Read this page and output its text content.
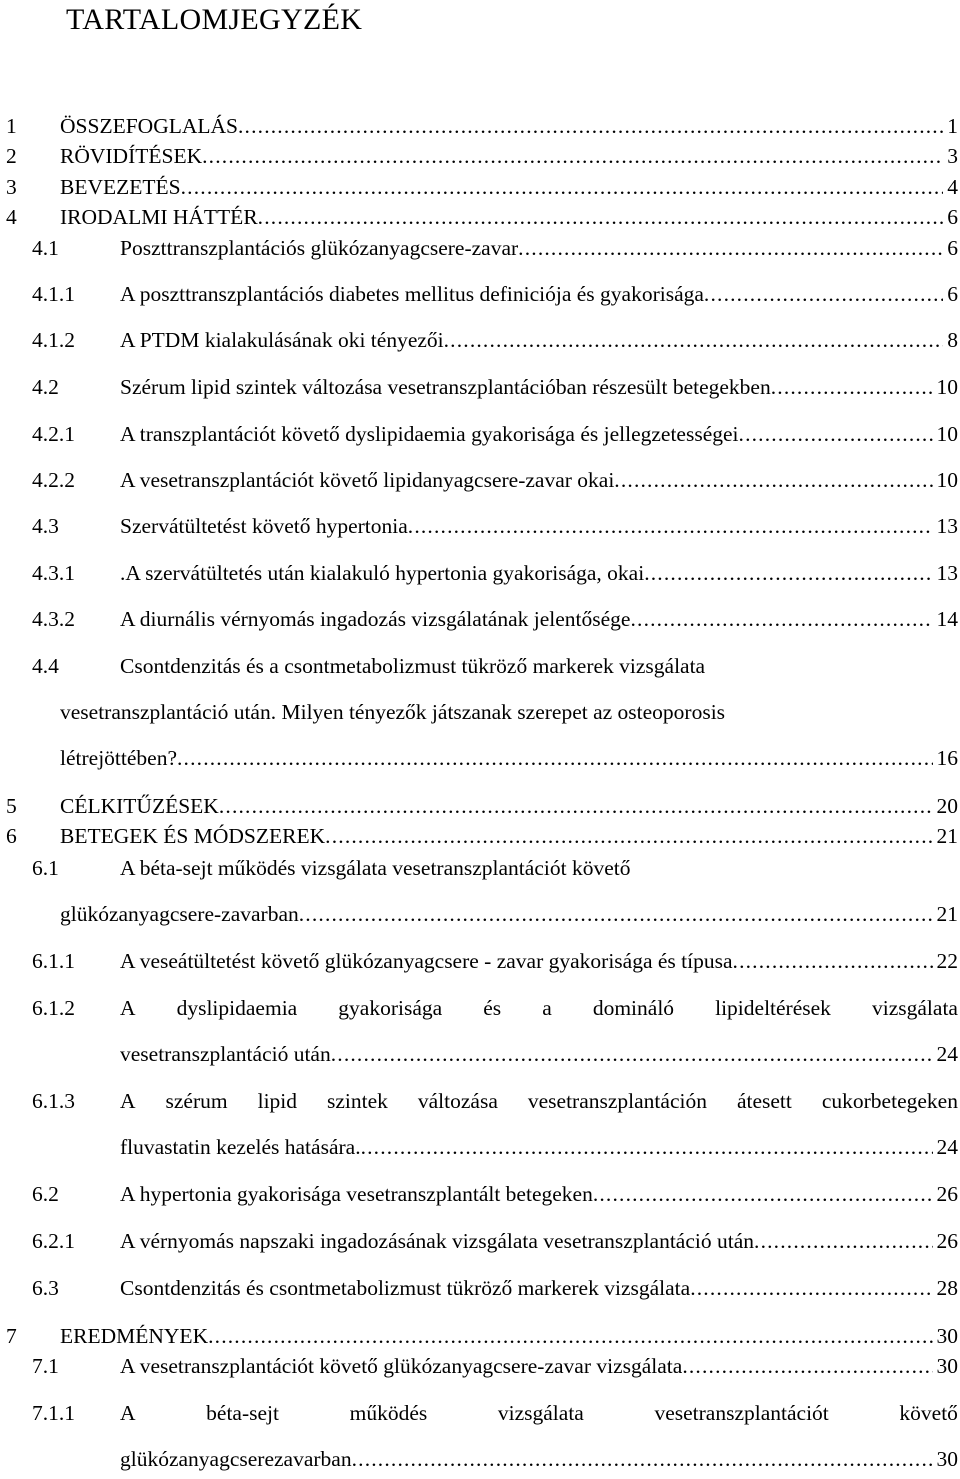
TARTALOMJEGYZÉK
1 ÖSSZEFOGLALÁS . . .	1
2 RÖVIDÍTÉSEK . . .	3
3 BEVEZETÉS . . .	4
4 IRODALMI HÁTTÉR . . .	6
4.1	Poszttranszplantációs glükózanyagcsere-zavar . . .	6
4.1.1 A poszttranszplantációs diabetes mellitus definiciója és gyakorisága . . .	6
4.1.2 A PTDM kialakulásának oki tényezői . . .	8
4.2	Szérum lipid szintek változása vesetranszplantációban részesült betegekben . . .	10
4.2.1 A transzplantációt követő dyslipidaemia gyakorisága és jellegzetességei . . .	10
4.2.2 A vesetranszplantációt követő lipidanyagcsere-zavar okai . . .	10
4.3	Szervátültetést követő hypertonia . . .	13
4.3.1 .A szervátültetés után kialakuló hypertonia gyakorisága, okai . . .	13
4.3.2 A diurnális vérnyomás ingadozás vizsgálatának jelentősége . . .	14
4.4	Csontdenzitás és a csontmetabolizmust tükröző markerek vizsgálata
vesetranszplantáció után. Milyen tényezők játszanak szerepet az osteoporosis
létrejöttében? . . .	16
5 CÉLKITŰZÉSEK . . .	20
6 BETEGEK ÉS MÓDSZEREK . . .	21
6.1	A béta-sejt működés vizsgálata vesetranszplantációt követő
glükózanyagcsere-zavarban . . .	21
6.1.1 A veseátültetést követő glükózanyagcsere - zavar gyakorisága és típusa . . .	22
6.1.2 A dyslipidaemia gyakorisága és a domináló lipideltérések vizsgálata
vesetranszplantáció után . . .	24
6.1.3 A szérum lipid szintek változása vesetranszplantáción átesett cukorbetegeken
fluvastatin kezelés hatására. . . .	24
6.2	A hypertonia gyakorisága vesetranszplantált betegeken . . .	26
6.2.1 A vérnyomás napszaki ingadozásának vizsgálata vesetranszplantáció után . . .	26
6.3	Csontdenzitás és csontmetabolizmust tükröző markerek vizsgálata . . .	28
7 EREDMÉNYEK . . .	30
7.1	A vesetranszplantációt követő glükózanyagcsere-zavar vizsgálata . . .	30
7.1.1 A	béta-sejt	működés	vizsgálata	vesetranszplantációt	követő
glükózanyagcserezavarban . . .	30
